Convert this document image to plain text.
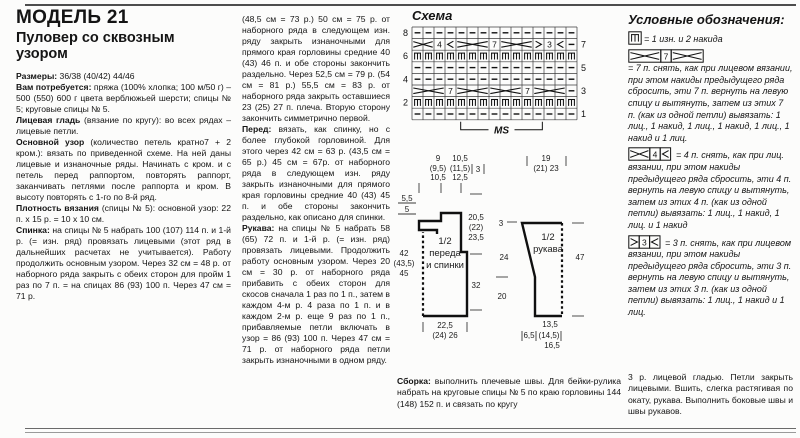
МОДЕЛЬ 21
Пуловер со сквозным узором

Размеры: 36/38 (40/42) 44/46

Вам потребуется: пряжа (100% хлопка; 100 м/50 г) – 500 (550) 600 г цвета верблюжьей шерсти; спицы № 5; круговые спицы № 5.

Лицевая гладь (вязание по кругу): во всех рядах – лицевые петли.

Основной узор (количество петель кратно7 + 2 кром.): вязать по приведенной схеме. На ней даны лицевые и изнаночные ряды. Начинать с кром. и с петель перед раппортом, повторять раппорт, заканчивать петлями после раппорта и кром. В высоту повторять с 1-го по 8-й ряд.

Плотность вязания (спицы № 5): основной узор: 22 п. х 15 р. = 10 х 10 см.

Спинка: на спицы № 5 набрать 100 (107) 114 п. и 1-й р. (= изн. ряд) провязать лицевыми (этот ряд в дальнейших расчетах не учитывается). Работу продолжить основным узором. Через 32 см = 48 р. от наборного ряда закрыть с обеих сторон для пройм 1 раз по 7 п. = на спицах 86 (93) 100 п. Через 47 см = 71 р.

(48,5 см = 73 р.) 50 см = 75 р. от наборного ряда в следующем изн. ряду закрыть изнаночными для прямого края горловины средние 40 (43) 46 п. и обе стороны закончить раздельно. Через 52,5 см = 79 р. (54 см = 81 р.) 55,5 см = 83 р. от наборного ряда закрыть оставшиеся 23 (25) 27 п. плеча. Вторую сторону закончить симметрично первой.

Перед: вязать, как спинку, но с более глубокой горловиной. Для этого через 42 см = 63 р. (43,5 см = 65 р.) 45 см = 67р. от наборного ряда в следующем изн. ряду закрыть изнаночными для прямого края горловины средние 40 (43) 45 п. и обе стороны закончить раздельно, как описано для спинки.

Рукава: на спицы № 5 набрать 58 (65) 72 п. и 1-й р. (= изн. ряд) провязать лицевыми. Продолжить работу основным узором. Через 20 см = 30 р. от наборного ряда прибавить с обеих сторон для скосов сначала 1 раз по 1 п., затем в каждом 4-м р. 4 раза по 1 п. и в каждом 2-м р. еще 9 раз по 1 п., прибавляемые петли включать в узор = 86 (93) 100 п. Через 47 см = 71 р. от наборного ряда петли закрыть изнаночными в одном ряду.

Схема
4	7	3
7	7
8
6
4
2
7
5
3
1
MS
9
(9,5)
10,5
10,5
(11,5)
12,5
3
5,5
5
42
(43,5)
45
20,5
(22)
23,5
32
22,5
(24) 26
1/2
переда
и спинки
19
(21) 23
3
24
20
47
13,5
6,5 (14,5)
16,5
1/2
рукава

Сборка: выполнить плечевые швы. Для бейки-рулика набрать на круговые спицы № 5 по краю горловины 144 (148) 152 п. и связать по кругу

Условные обозначения:
= 1 изн. и 2 накида
7

= 7 п. снять, как при лицевом вязании, при этом накиды предыдущего ряда сбросить, эти 7 п. вернуть на левую спицу и вытянуть, затем из этих 7 п. (как из одной петли) вывязать: 1 лиц., 1 накид, 1 лиц., 1 накид, 1 лиц., 1 накид и 1 лиц.
4 = 4 п. снять, как при лиц. вязании, при этом накиды предыдущего ряда сбросить, эти 4 п. вернуть на левую спицу и вытянуть, затем из этих 4 п. (как из одной петли) вывязать: 1 лиц., 1 накид, 1 лиц. и 1 накид
3 = 3 п. снять, как при лицевом вязании, при этом накиды предыдущего ряда сбросить, эти 3 п. вернуть на левую спицу и вытянуть, затем из этих 3 п. (как из одной петли) вывязать: 1 лиц., 1 накид и 1 лиц.

3 р. лицевой гладью. Петли закрыть лицевыми. Вшить, слегка растягивая по окату, рукава. Выполнить боковые швы и швы рукавов.
